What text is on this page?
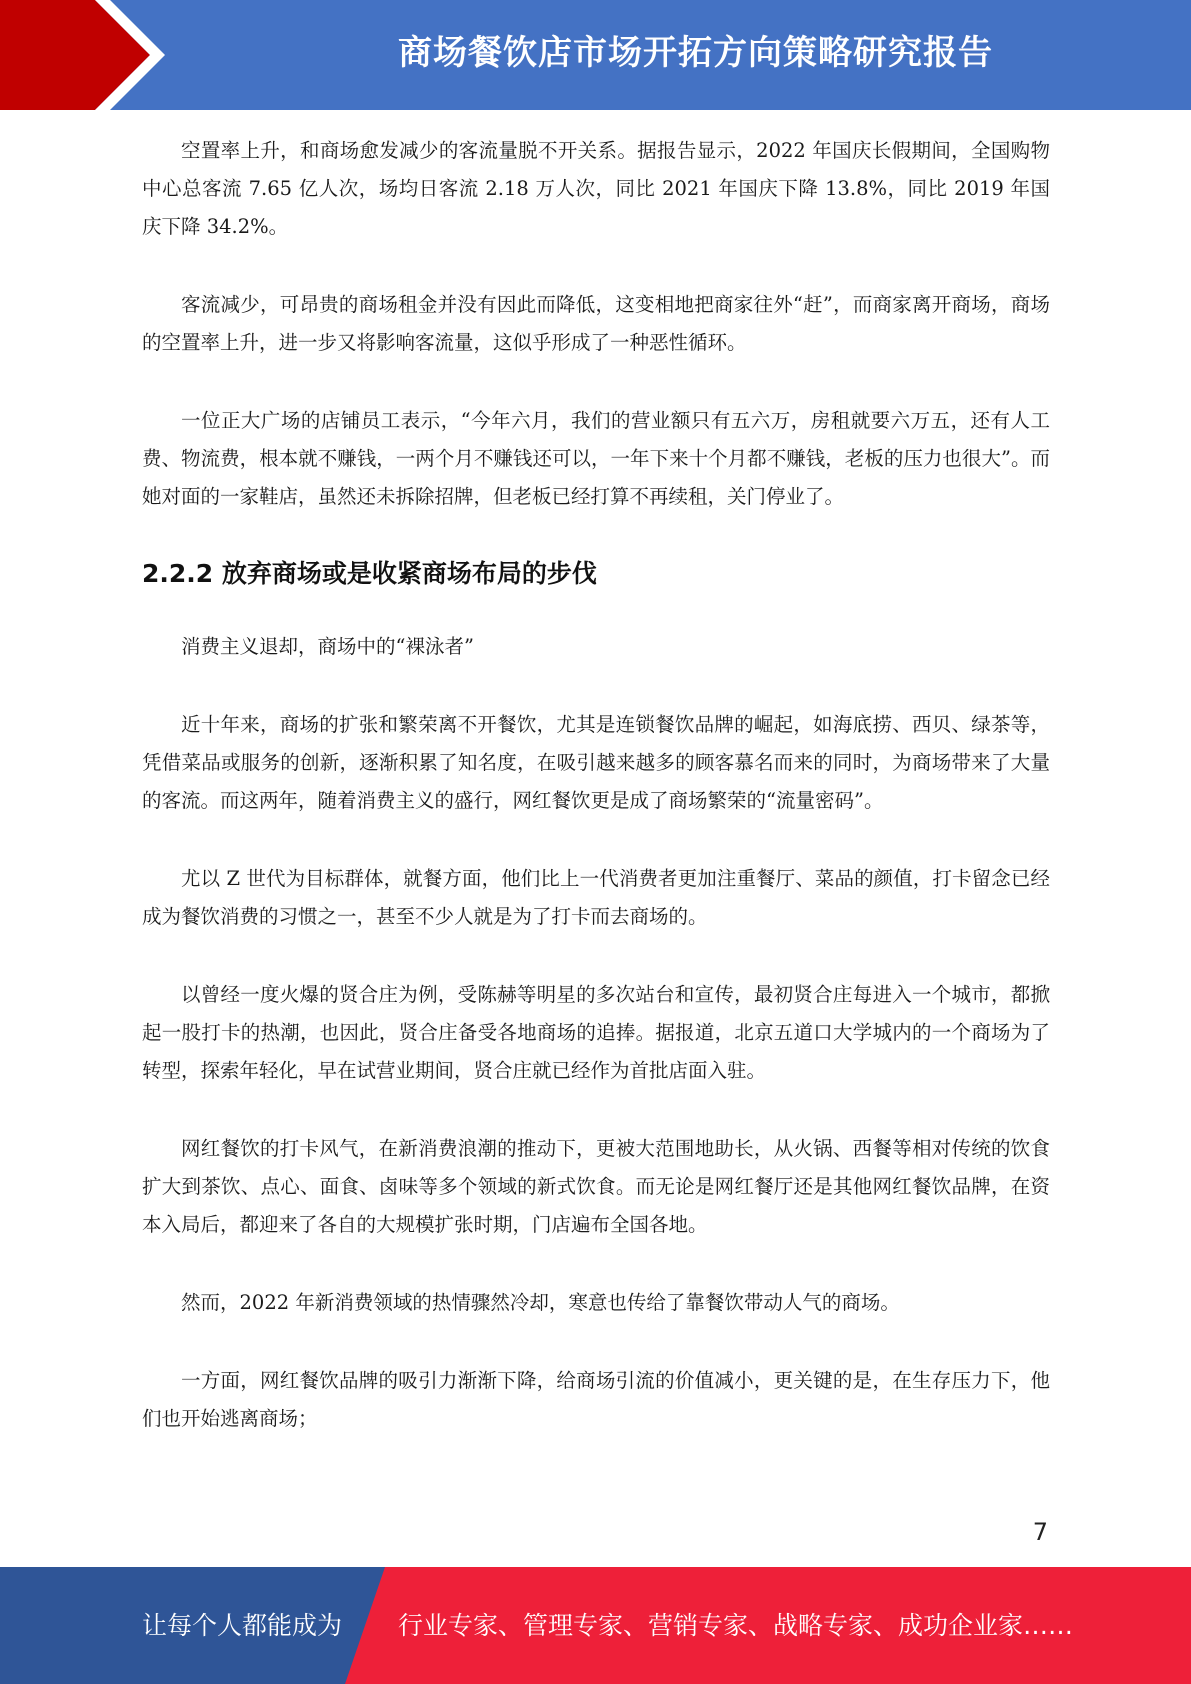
商场餐饮店市场开拓方向策略研究报告

空置率上升，和商场愈发减少的客流量脱不开关系。据报告显示，2022 年国庆长假期间，全国购物中心总客流 7.65 亿人次，场均日客流 2.18 万人次，同比 2021 年国庆下降 13.8%，同比 2019 年国庆下降 34.2%。

客流减少，可昂贵的商场租金并没有因此而降低，这变相地把商家往外“赶”，而商家离开商场，商场的空置率上升，进一步又将影响客流量，这似乎形成了一种恶性循环。

一位正大广场的店铺员工表示，“今年六月，我们的营业额只有五六万，房租就要六万五，还有人工费、物流费，根本就不赚钱，一两个月不赚钱还可以，一年下来十个月都不赚钱，老板的压力也很大”。而她对面的一家鞋店，虽然还未拆除招牌，但老板已经打算不再续租，关门停业了。

2.2.2 放弃商场或是收紧商场布局的步伐

消费主义退却，商场中的“裸泳者”

近十年来，商场的扩张和繁荣离不开餐饮，尤其是连锁餐饮品牌的崛起，如海底捞、西贝、绿茶等，凭借菜品或服务的创新，逐渐积累了知名度，在吸引越来越多的顾客慕名而来的同时，为商场带来了大量的客流。而这两年，随着消费主义的盛行，网红餐饮更是成了商场繁荣的“流量密码”。

尤以 Z 世代为目标群体，就餐方面，他们比上一代消费者更加注重餐厅、菜品的颜值，打卡留念已经成为餐饮消费的习惯之一，甚至不少人就是为了打卡而去商场的。

以曾经一度火爆的贤合庄为例，受陈赫等明星的多次站台和宣传，最初贤合庄每进入一个城市，都掀起一股打卡的热潮，也因此，贤合庄备受各地商场的追捧。据报道，北京五道口大学城内的一个商场为了转型，探索年轻化，早在试营业期间，贤合庄就已经作为首批店面入驻。

网红餐饮的打卡风气，在新消费浪潮的推动下，更被大范围地助长，从火锅、西餐等相对传统的饮食扩大到茶饮、点心、面食、卤味等多个领域的新式饮食。而无论是网红餐厅还是其他网红餐饮品牌，在资本入局后，都迎来了各自的大规模扩张时期，门店遍布全国各地。

然而，2022 年新消费领域的热情骤然冷却，寒意也传给了靠餐饮带动人气的商场。

一方面，网红餐饮品牌的吸引力渐渐下降，给商场引流的价值减小，更关键的是，在生存压力下，他们也开始逃离商场；

7
让每个人都能成为 行业专家、管理专家、营销专家、战略专家、成功企业家……
